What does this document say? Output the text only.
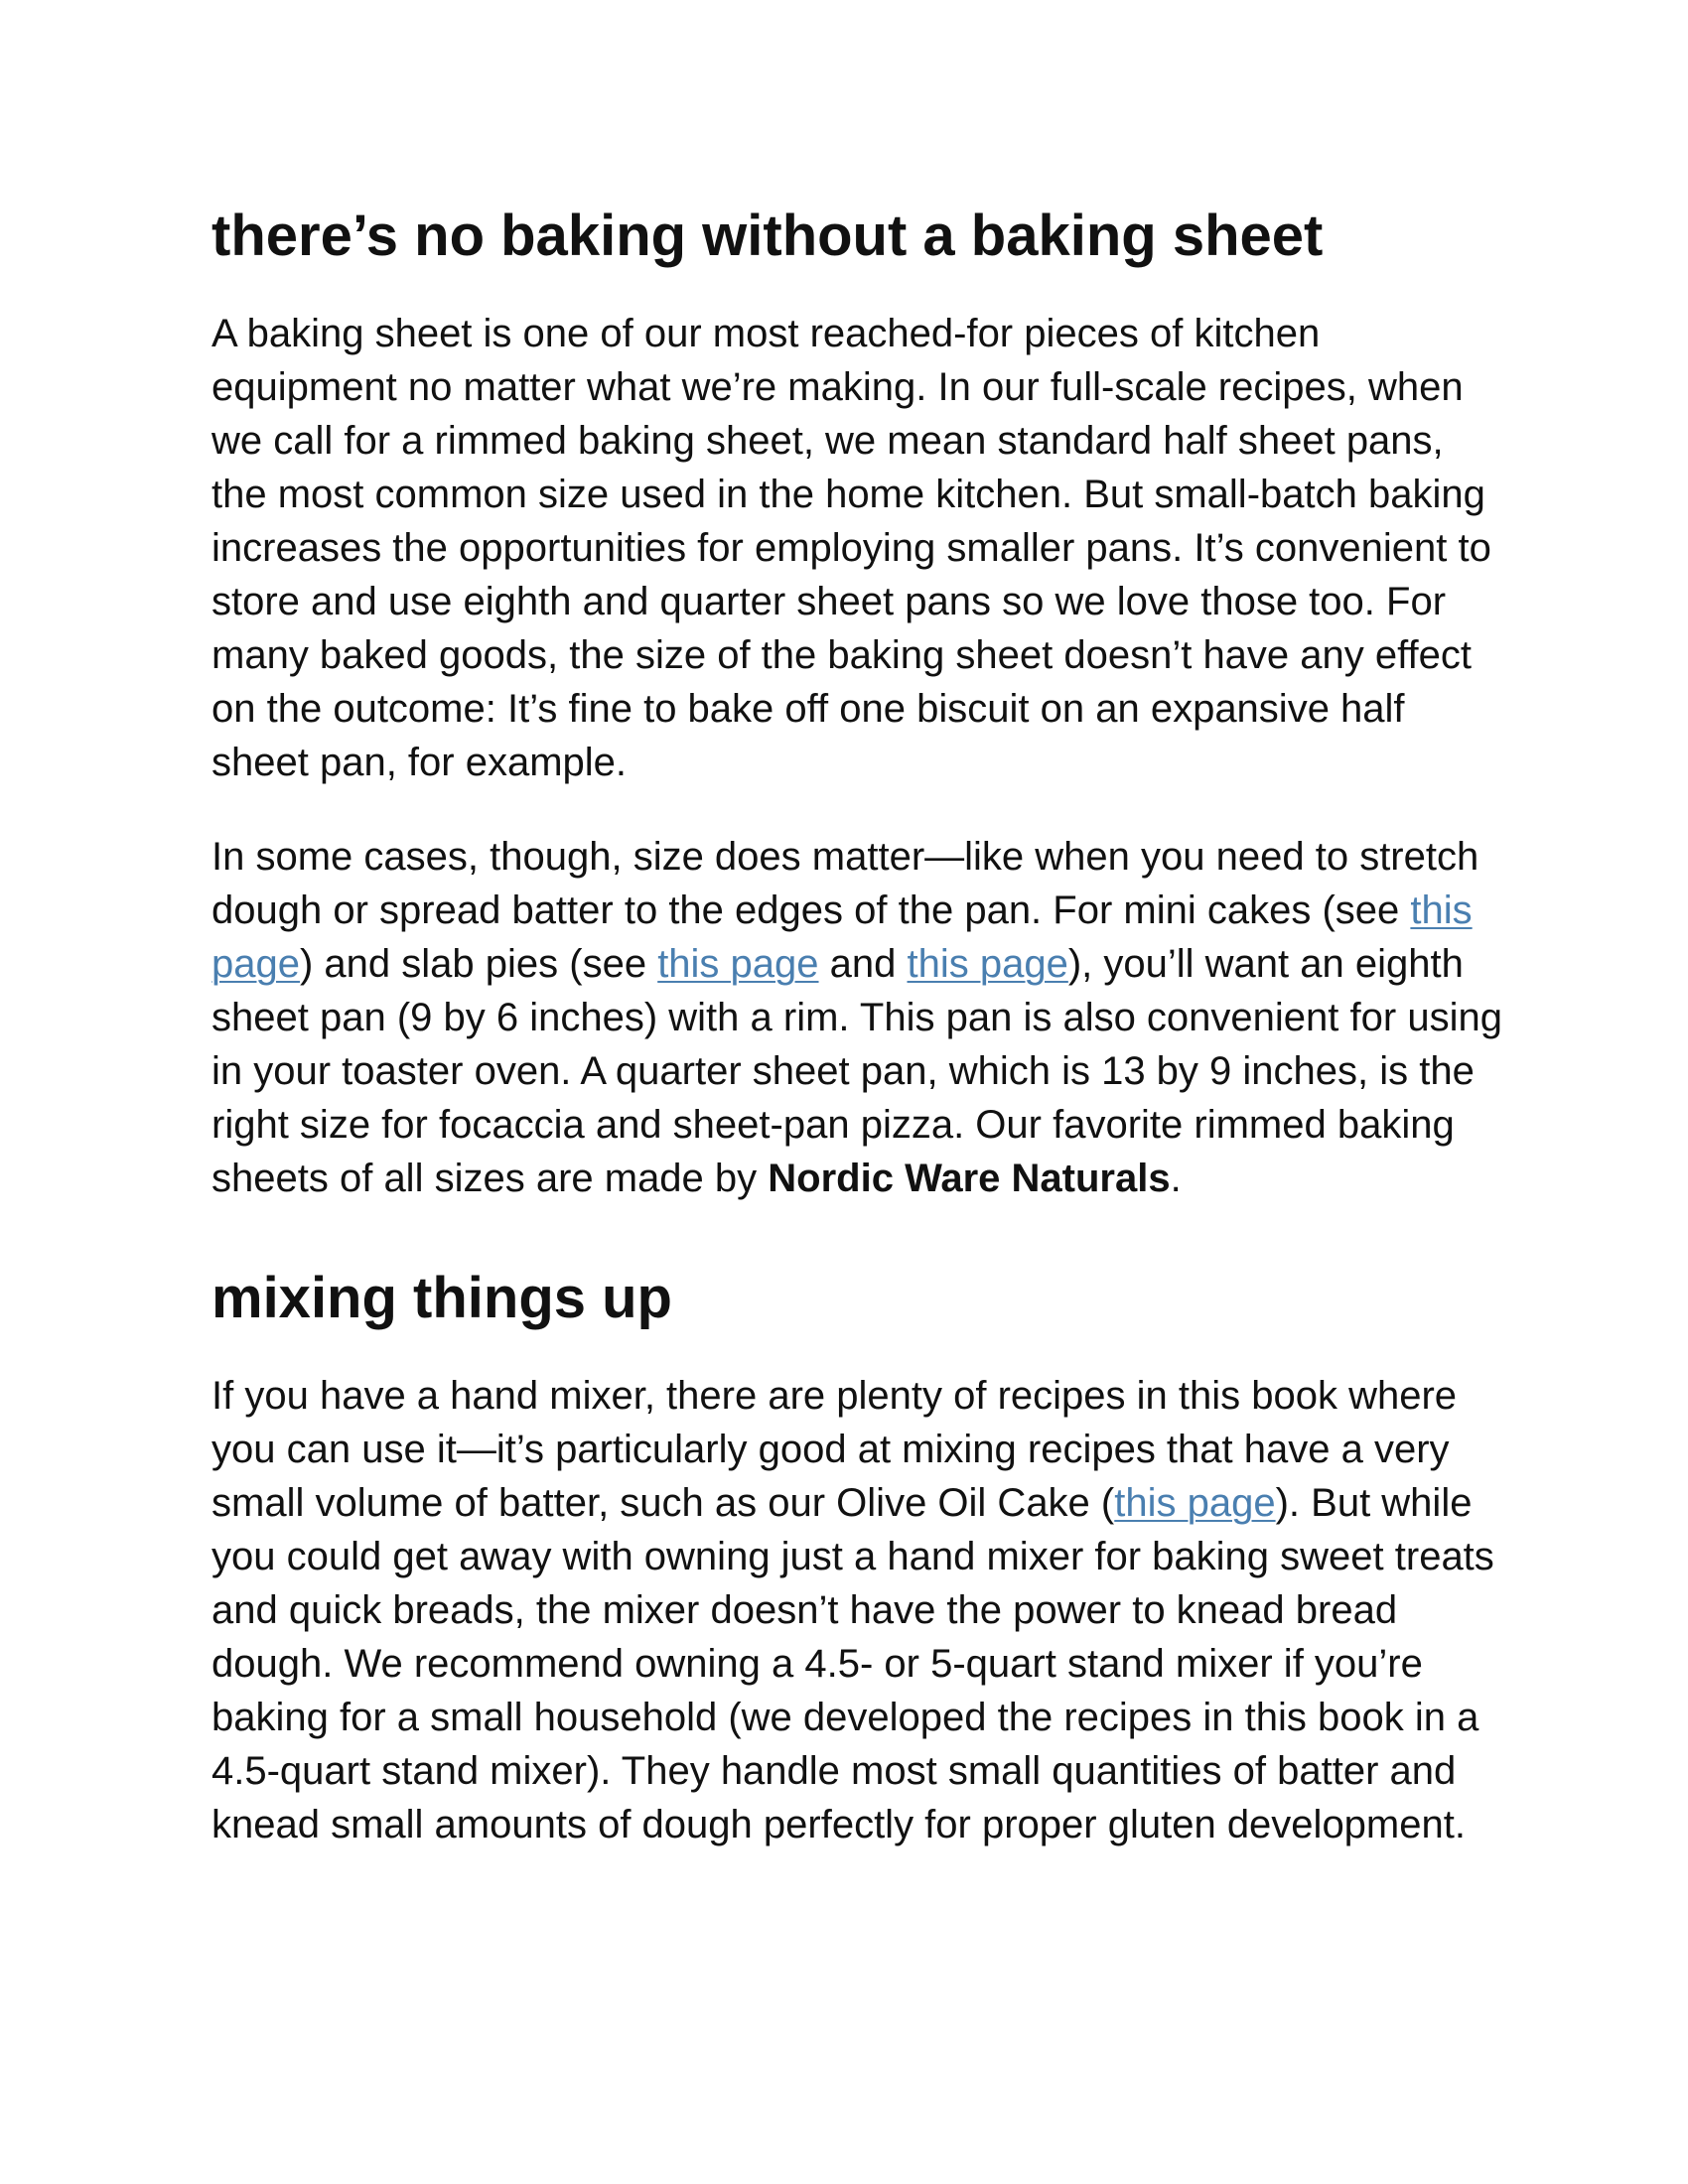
there’s no baking without a baking sheet

A baking sheet is one of our most reached-for pieces of kitchen equipment no matter what we’re making. In our full-scale recipes, when we call for a rimmed baking sheet, we mean standard half sheet pans, the most common size used in the home kitchen. But small-batch baking increases the opportunities for employing smaller pans. It’s convenient to store and use eighth and quarter sheet pans so we love those too. For many baked goods, the size of the baking sheet doesn’t have any effect on the outcome: It’s fine to bake off one biscuit on an expansive half sheet pan, for example.

In some cases, though, size does matter—like when you need to stretch dough or spread batter to the edges of the pan. For mini cakes (see this page) and slab pies (see this page and this page), you’ll want an eighth sheet pan (9 by 6 inches) with a rim. This pan is also convenient for using in your toaster oven. A quarter sheet pan, which is 13 by 9 inches, is the right size for focaccia and sheet-pan pizza. Our favorite rimmed baking sheets of all sizes are made by Nordic Ware Naturals.

mixing things up

If you have a hand mixer, there are plenty of recipes in this book where you can use it—it’s particularly good at mixing recipes that have a very small volume of batter, such as our Olive Oil Cake (this page). But while you could get away with owning just a hand mixer for baking sweet treats and quick breads, the mixer doesn’t have the power to knead bread dough. We recommend owning a 4.5- or 5-quart stand mixer if you’re baking for a small household (we developed the recipes in this book in a 4.5-quart stand mixer). They handle most small quantities of batter and knead small amounts of dough perfectly for proper gluten development.
